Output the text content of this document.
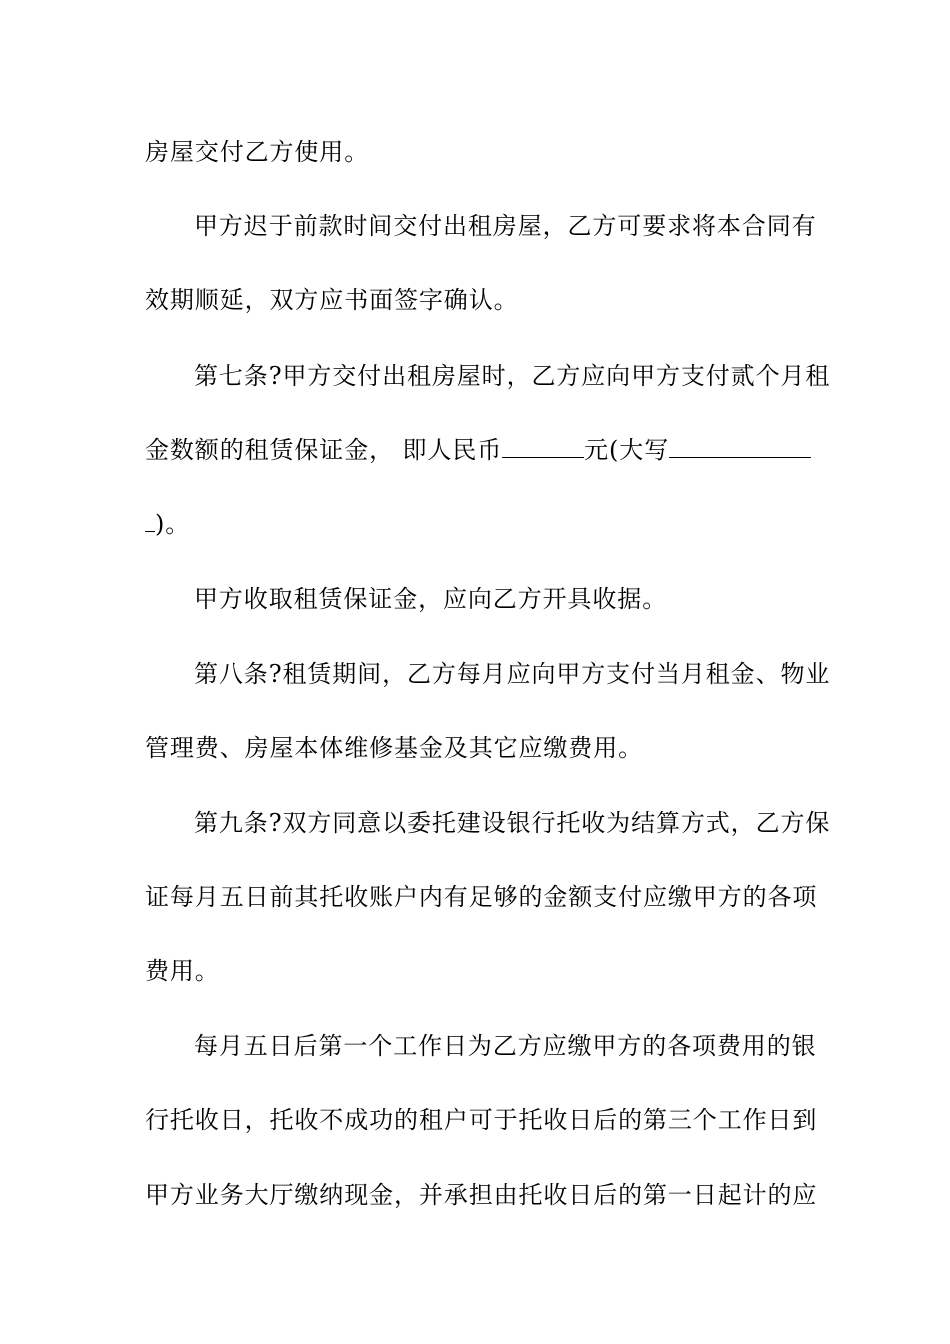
房屋交付乙方使用。
甲方迟于前款时间交付出租房屋，乙方可要求将本合同有
效期顺延，双方应书面签字确认。
第七条?甲方交付出租房屋时，乙方应向甲方支付贰个月租
金数额的租赁保证金， 即人民币	元(大写
)。
甲方收取租赁保证金，应向乙方开具收据。
第八条?租赁期间，乙方每月应向甲方支付当月租金、物业
管理费、房屋本体维修基金及其它应缴费用。
第九条?双方同意以委托建设银行托收为结算方式，乙方保
证每月五日前其托收账户内有足够的金额支付应缴甲方的各项
费用。
每月五日后第一个工作日为乙方应缴甲方的各项费用的银
行托收日，托收不成功的租户可于托收日后的第三个工作日到
甲方业务大厅缴纳现金，并承担由托收日后的第一日起计的应
